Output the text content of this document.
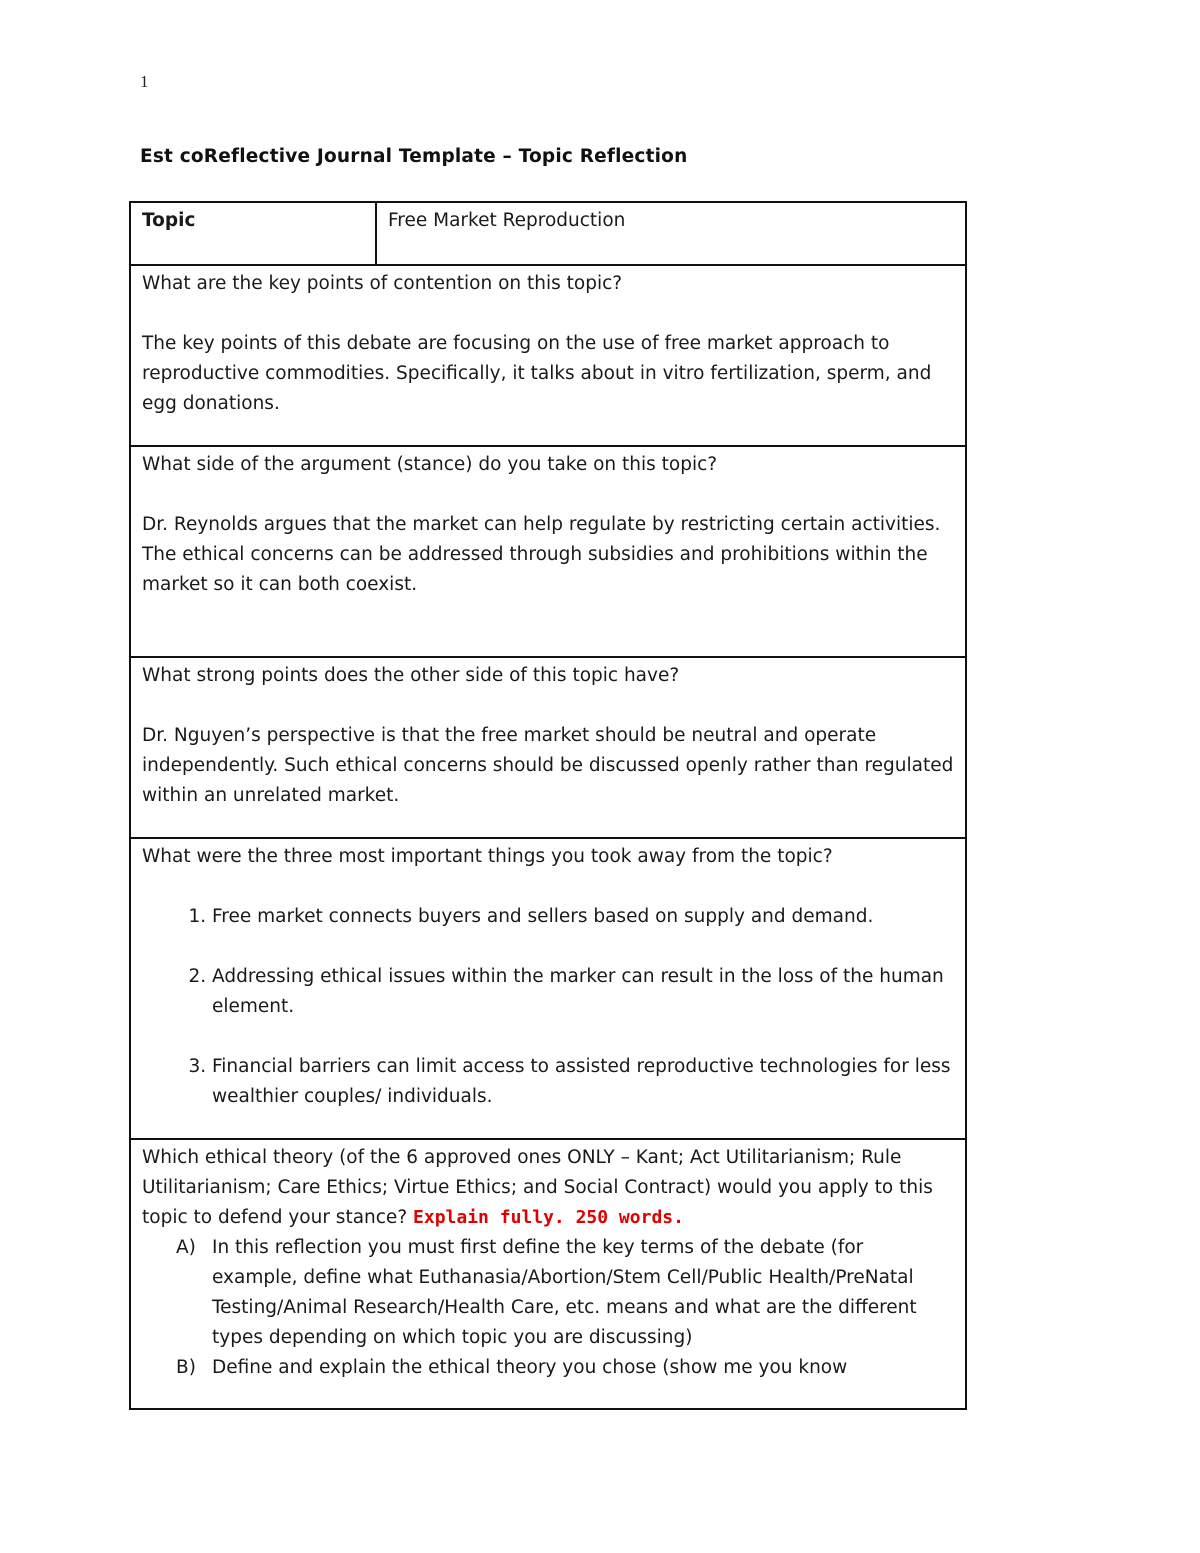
1
Est coReflective Journal Template – Topic Reflection
Topic	Free Market Reproduction

What are the key points of contention on this topic?

The key points of this debate are focusing on the use of free market approach to reproductive commodities. Specifically, it talks about in vitro fertilization, sperm, and egg donations.

What side of the argument (stance) do you take on this topic?

Dr. Reynolds argues that the market can help regulate by restricting certain activities. The ethical concerns can be addressed through subsidies and prohibitions within the market so it can both coexist.

What strong points does the other side of this topic have?

Dr. Nguyen’s perspective is that the free market should be neutral and operate independently. Such ethical concerns should be discussed openly rather than regulated within an unrelated market.

What were the three most important things you took away from the topic?

1. Free market connects buyers and sellers based on supply and demand.
2. Addressing ethical issues within the marker can result in the loss of the human element.
3. Financial barriers can limit access to assisted reproductive technologies for less wealthier couples/ individuals.

Which ethical theory (of the 6 approved ones ONLY – Kant; Act Utilitarianism; Rule Utilitarianism; Care Ethics; Virtue Ethics; and Social Contract) would you apply to this topic to defend your stance? Explain fully. 250 words.

A) In this reflection you must first define the key terms of the debate (for example, define what Euthanasia/Abortion/Stem Cell/Public Health/PreNatal Testing/Animal Research/Health Care, etc. means and what are the different types depending on which topic you are discussing)
B) Define and explain the ethical theory you chose (show me you know
